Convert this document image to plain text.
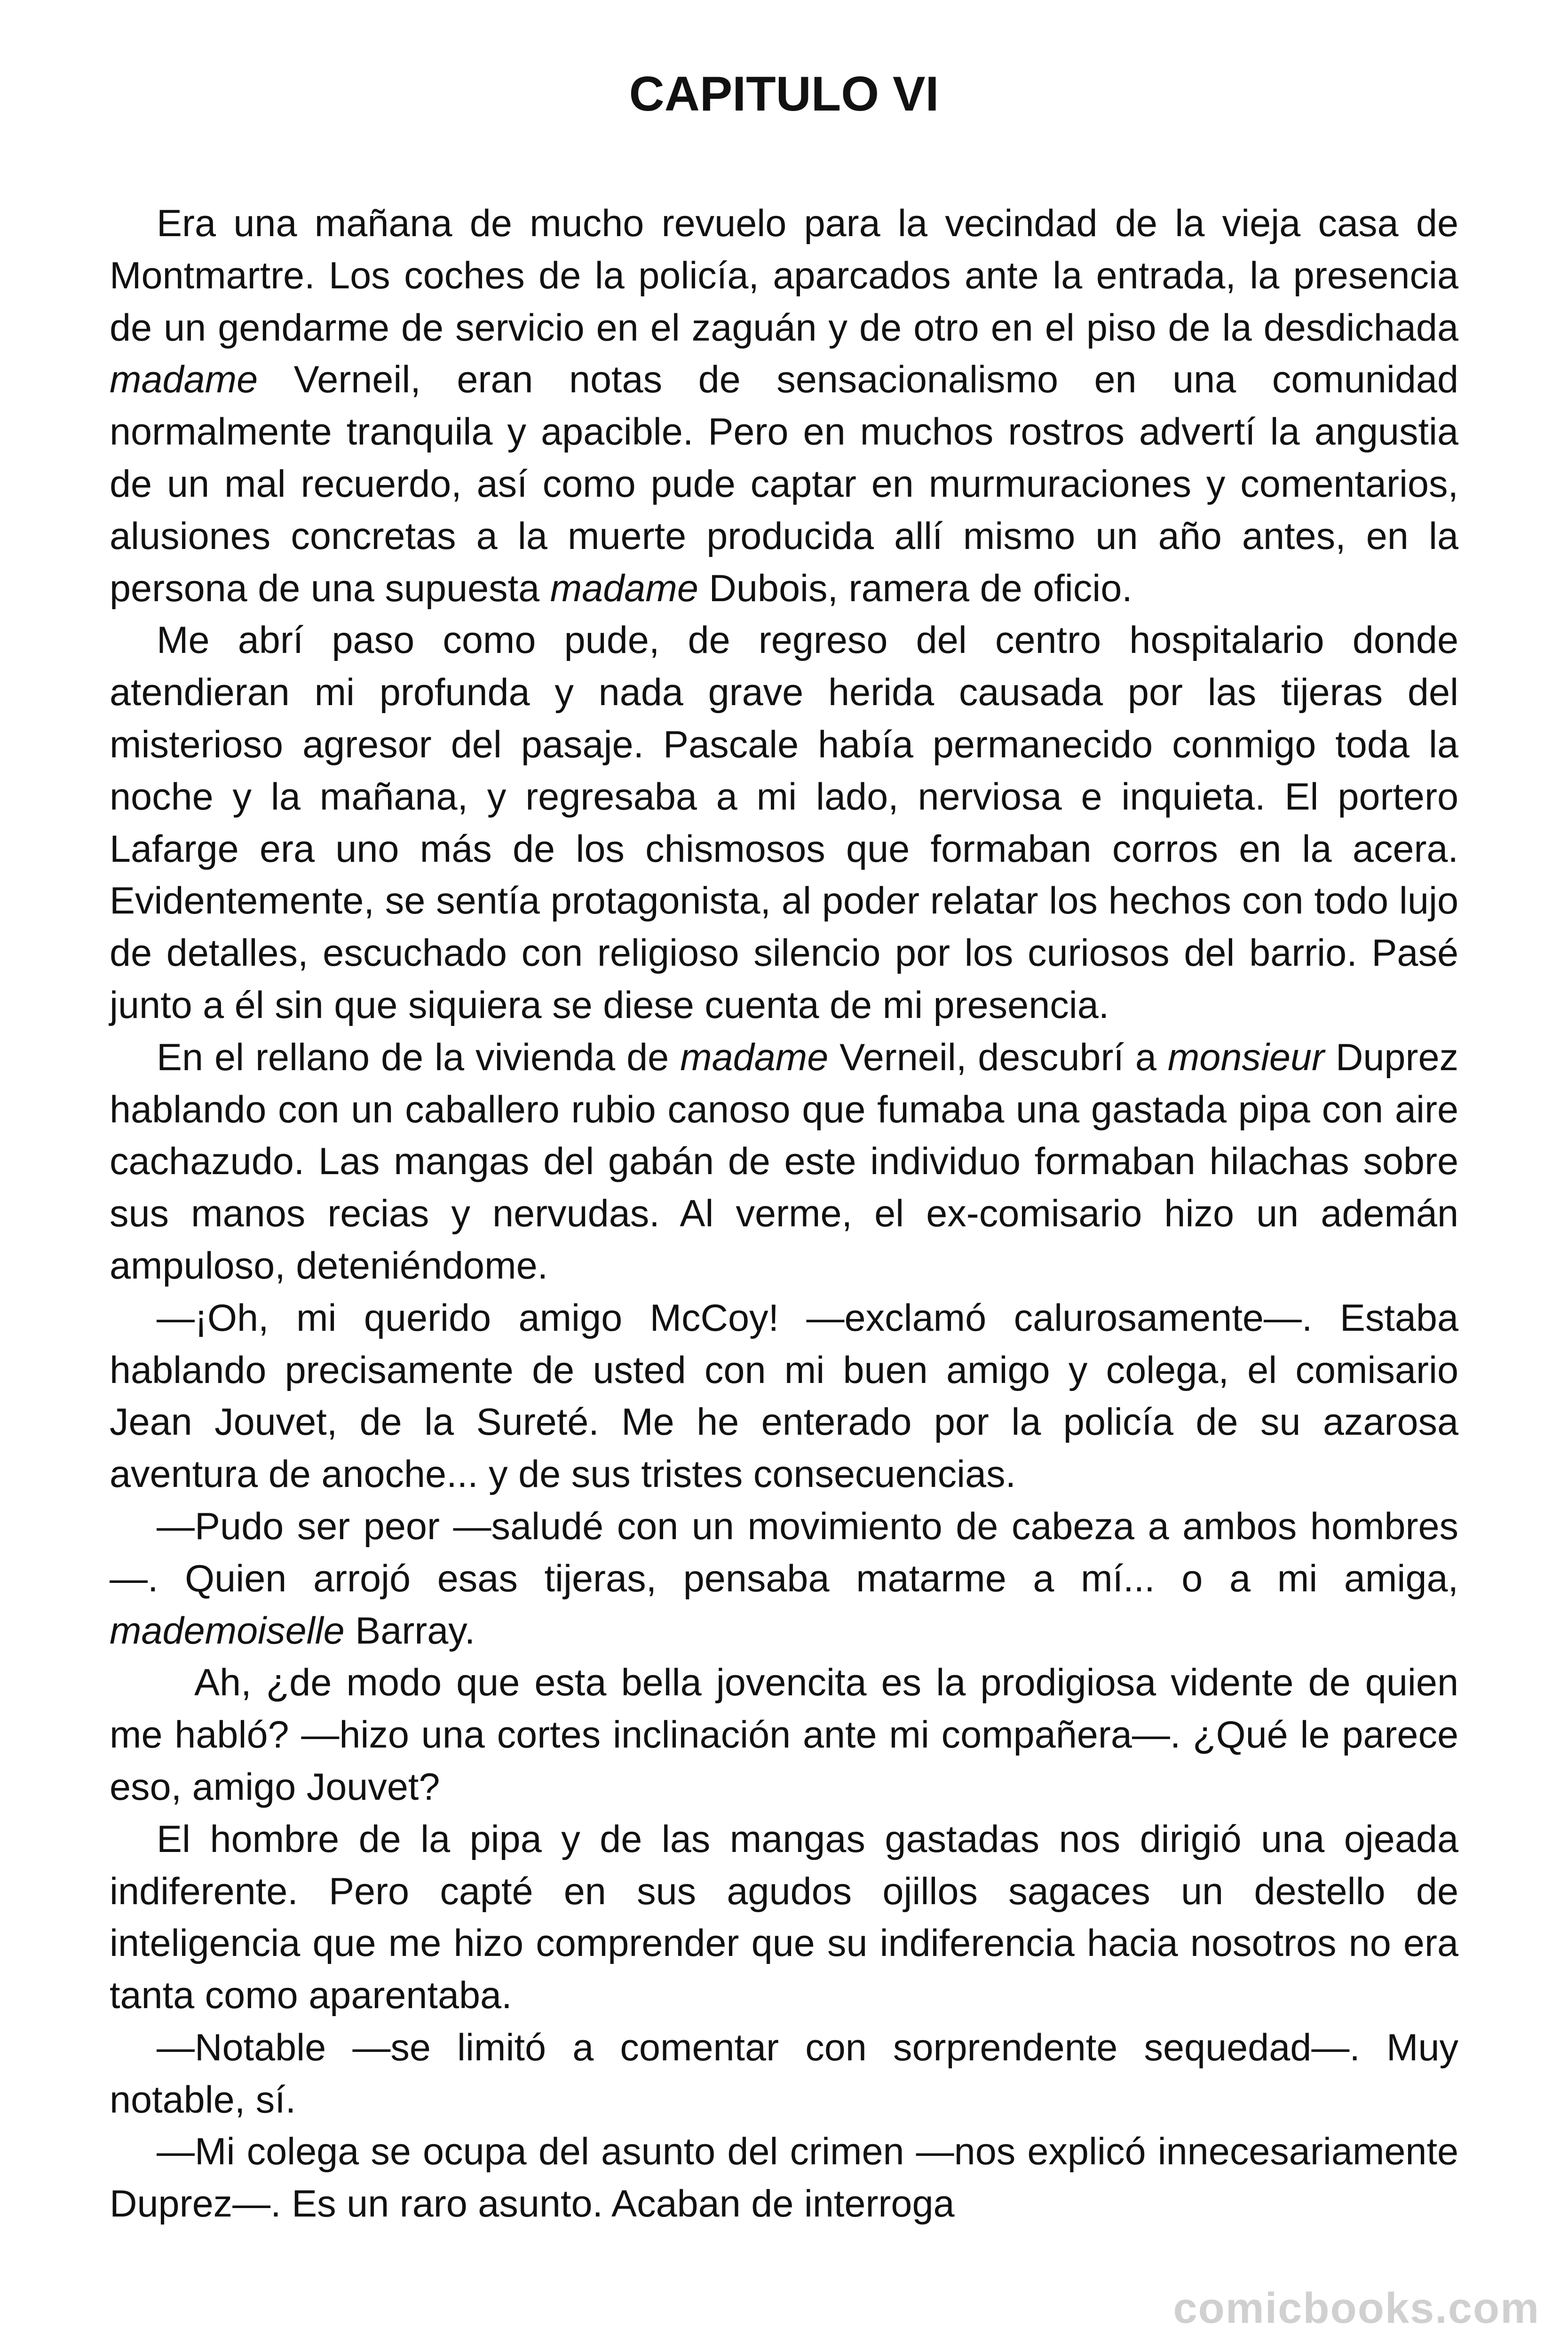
CAPITULO VI

Era una mañana de mucho revuelo para la vecindad de la vieja casa de Montmartre. Los coches de la policía, aparcados ante la entrada, la presencia de un gendarme de servicio en el zaguán y de otro en el piso de la desdichada madame Verneil, eran notas de sensacionalismo en una comunidad normalmente tranquila y apacible. Pero en muchos rostros advertí la angustia de un mal recuerdo, así como pude captar en murmuraciones y comentarios, alusiones concretas a la muerte producida allí mismo un año antes, en la persona de una supuesta madame Dubois, ramera de oficio.

Me abrí paso como pude, de regreso del centro hospitalario donde atendieran mi profunda y nada grave herida causada por las tijeras del misterioso agresor del pasaje. Pascale había permanecido conmigo toda la noche y la mañana, y regresaba a mi lado, nerviosa e inquieta. El portero Lafarge era uno más de los chismosos que formaban corros en la acera. Evidentemente, se sentía protagonista, al poder relatar los hechos con todo lujo de detalles, escuchado con religioso silencio por los curiosos del barrio. Pasé junto a él sin que siquiera se diese cuenta de mi presencia.

En el rellano de la vivienda de madame Verneil, descubrí a monsieur Duprez hablando con un caballero rubio canoso que fumaba una gastada pipa con aire cachazudo. Las mangas del gabán de este individuo formaban hilachas sobre sus manos recias y nervudas. Al verme, el ex-comisario hizo un ademán ampuloso, deteniéndome.

—¡Oh, mi querido amigo McCoy! —exclamó calurosamente—. Estaba hablando precisamente de usted con mi buen amigo y colega, el comisario Jean Jouvet, de la Sureté. Me he enterado por la policía de su azarosa aventura de anoche... y de sus tristes consecuencias.

—Pudo ser peor —saludé con un movimiento de cabeza a ambos hombres—. Quien arrojó esas tijeras, pensaba matarme a mí... o a mi amiga, mademoiselle Barray.

Ah, ¿de modo que esta bella jovencita es la prodigiosa vidente de quien me habló? —hizo una cortes inclinación ante mi compañera—. ¿Qué le parece eso, amigo Jouvet?

El hombre de la pipa y de las mangas gastadas nos dirigió una ojeada indiferente. Pero capté en sus agudos ojillos sagaces un destello de inteligencia que me hizo comprender que su indiferencia hacia nosotros no era tanta como aparentaba.

—Notable —se limitó a comentar con sorprendente sequedad—. Muy notable, sí.

—Mi colega se ocupa del asunto del crimen —nos explicó innecesariamente Duprez—. Es un raro asunto. Acaban de interroga

comicbooks.com
